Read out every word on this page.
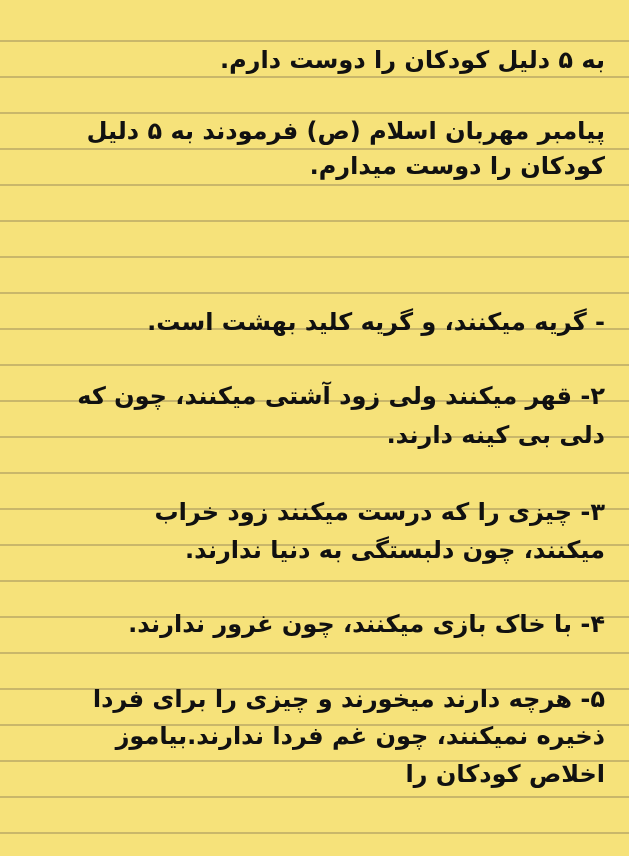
به ۵ دلیل کودکان را دوست دارم.
پیامبر مهربان اسلام (ص) فرمودند به ۵ دلیل
کودکان را دوست میدارم.
- گریه میکنند، و گریه کلید بهشت است.
۲- قهر میکنند ولی زود آشتی میکنند، چون که
دلی بی کینه دارند.
۳- چیزی را که درست میکنند زود خراب
میکنند، چون دلبستگی به دنیا ندارند.
۴- با خاک بازی میکنند، چون غرور ندارند.
۵- هرچه دارند میخورند و چیزی را برای فردا
ذخیره نمیکنند، چون غم فردا ندارند.بیاموز
اخلاص کودکان را
